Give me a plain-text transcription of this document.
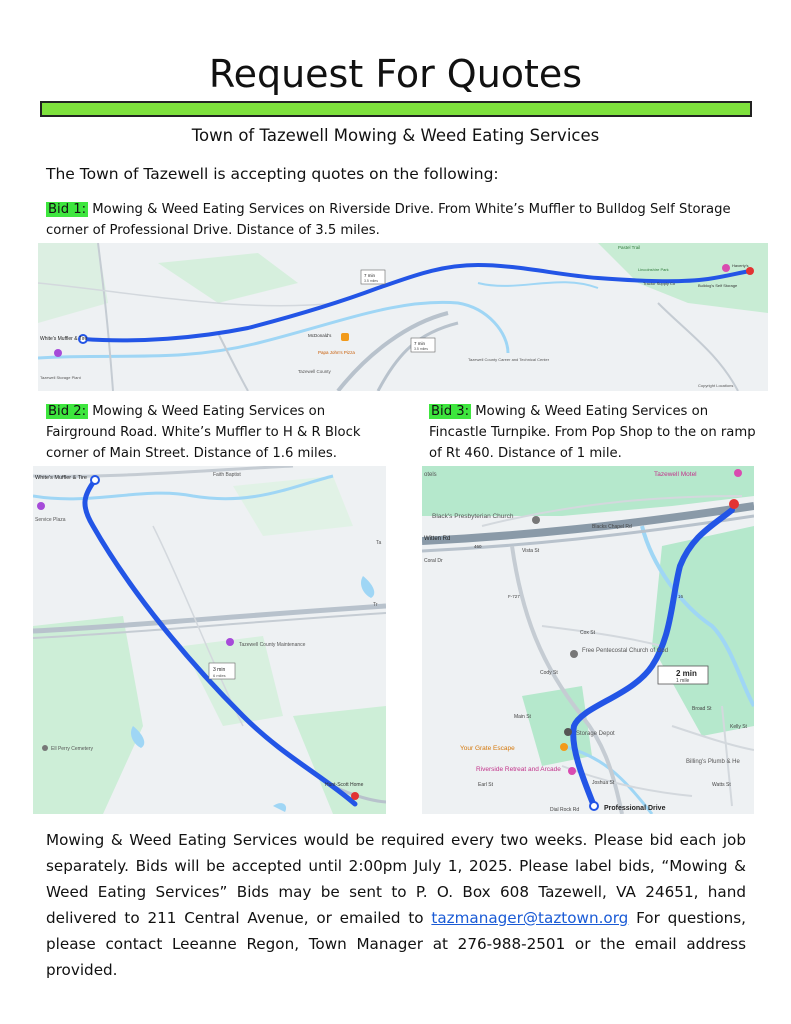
Request For Quotes
Town of Tazewell Mowing & Weed Eating Services
The Town of Tazewell is accepting quotes on the following:
Bid 1: Mowing & Weed Eating Services on Riverside Drive. From White’s Muffler to Bulldog Self Storage corner of Professional Drive. Distance of 3.5 miles.
White's Muffler & Tire
Tazewell Storage Plant
McDonald's
Papa John's Pizza
Tazewell County
Tazewell County Career and Technical Center
7 min
3.5 miles
7 min
3.5 miles
Pastel Trail
Lincolnshire Park
Tractor Supply Co	Bulldog's Self Storage
Haverty's
Copyright Locations
Bid 2: Mowing & Weed Eating Services on Fairground Road. White’s Muffler to H & R Block corner of Main Street. Distance of 1.6 miles.
Bid 3: Mowing & Weed Eating Services on Fincastle Turnpike. From Pop Shop to the on ramp of Rt 460. Distance of 1 mile.
White's Muffler & Tire	Faith Baptist
Service Plaza
Tazewell County Maintenance
3 min
6 miles
Ell Perry Cemetery
Hunt-Scott Home
Tr
Ta
otels	Tazewell Motel
Black's Presbyterian Church
Blacks Chapel Rd
Witten Rd
Vista St
Coral Dr
F-727
Cox St
Free Pentecostal Church of God
Cody St	2 min
1 mile
Storage Depot
Your Grate Escape
Riverside Retreat and Arcade
Joshua St
Dial Rock Rd	Professional Drive
Billing's Plumb & He
Watts St
Broad St
Kelly St
Main St
Earl St
460
16
Mowing & Weed Eating Services would be required every two weeks. Please bid each job separately. Bids will be accepted until 2:00pm July 1, 2025. Please label bids, “Mowing & Weed Eating Services” Bids may be sent to P. O. Box 608 Tazewell, VA 24651, hand delivered to 211 Central Avenue, or emailed to tazmanager@taztown.org For questions, please contact Leeanne Regon, Town Manager at 276-988-2501 or the email address provided.
